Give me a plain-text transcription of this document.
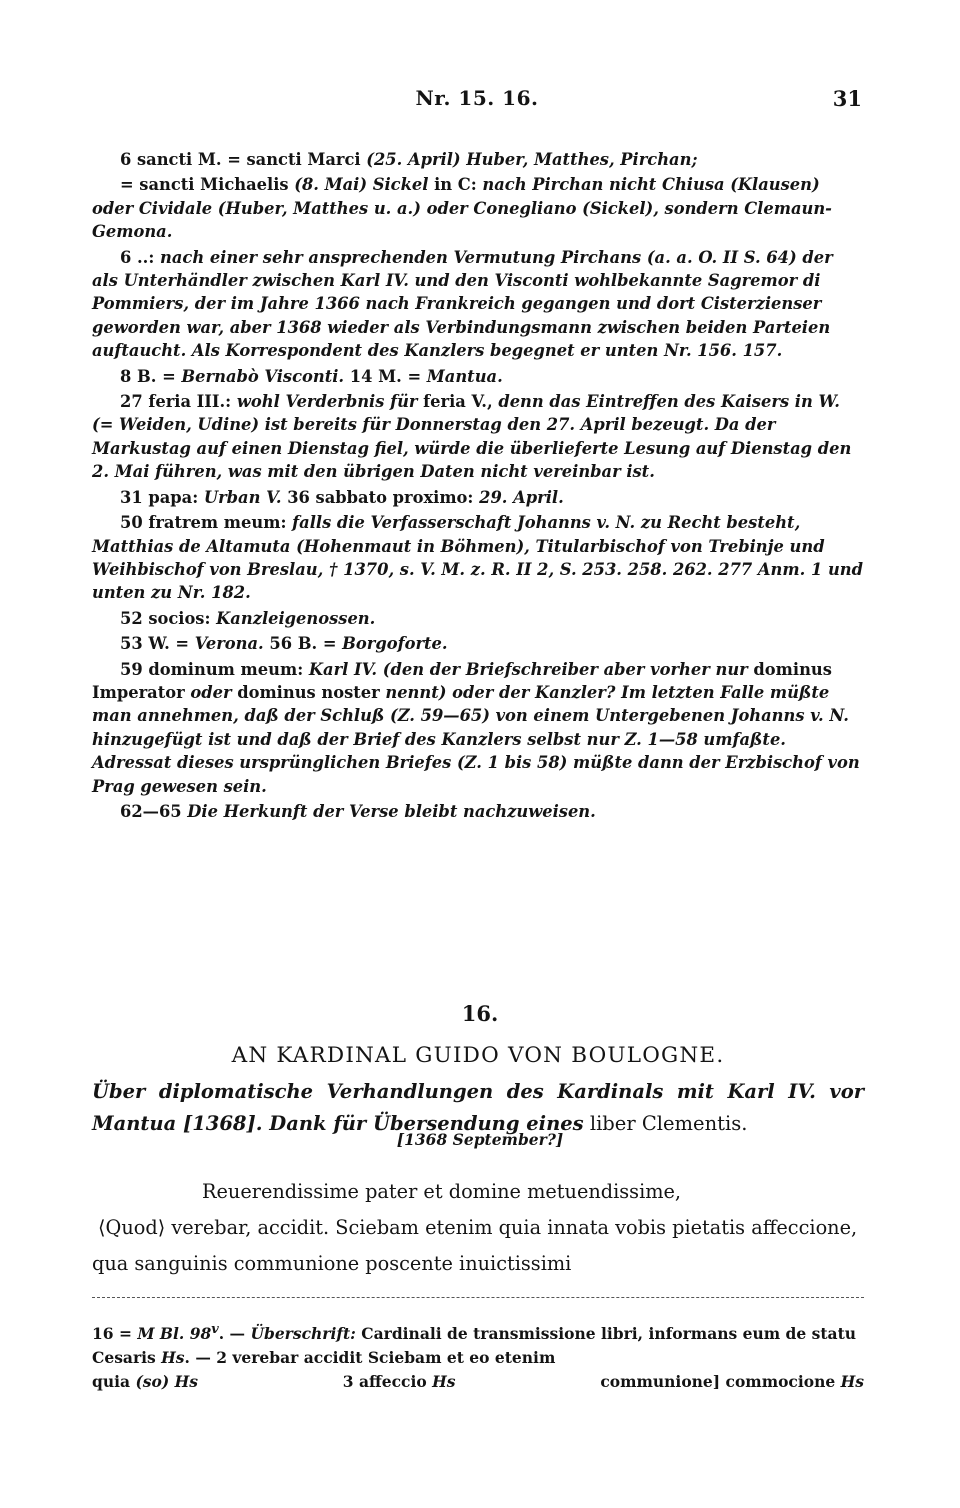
Nr. 15. 16.	31

6 sancti M. = sancti Marci (25. April) Huber, Matthes, Pirchan;

= sancti Michaelis (8. Mai) Sickel in C: nach Pirchan nicht Chiusa (Klausen) oder Cividale (Huber, Matthes u. a.) oder Conegliano (Sickel), sondern Clemaun-Gemona.

6 ..: nach einer sehr ansprechenden Vermutung Pirchans (a. a. O. II S. 64) der als Unterhändler zwischen Karl IV. und den Visconti wohlbekannte Sagremor di Pommiers, der im Jahre 1366 nach Frankreich gegangen und dort Cisterzienser geworden war, aber 1368 wieder als Verbindungsmann zwischen beiden Parteien auftaucht. Als Korrespondent des Kanzlers begegnet er unten Nr. 156. 157.

8 B. = Bernabò Visconti. 14 M. = Mantua.

27 feria III.: wohl Verderbnis für feria V., denn das Eintreffen des Kaisers in W. (= Weiden, Udine) ist bereits für Donnerstag den 27. April bezeugt. Da der Markustag auf einen Dienstag fiel, würde die überlieferte Lesung auf Dienstag den 2. Mai führen, was mit den übrigen Daten nicht vereinbar ist.

31 papa: Urban V. 36 sabbato proximo: 29. April.

50 fratrem meum: falls die Verfasserschaft Johanns v. N. zu Recht besteht, Matthias de Altamuta (Hohenmaut in Böhmen), Titularbischof von Trebinje und Weihbischof von Breslau, † 1370, s. V. M. z. R. II 2, S. 253. 258. 262. 277 Anm. 1 und unten zu Nr. 182.

52 socios: Kanzleigenossen.

53 W. = Verona. 56 B. = Borgoforte.

59 dominum meum: Karl IV. (den der Briefschreiber aber vorher nur dominus Imperator oder dominus noster nennt) oder der Kanzler? Im letzten Falle müßte man annehmen, daß der Schluß (Z. 59—65) von einem Untergebenen Johanns v. N. hinzugefügt ist und daß der Brief des Kanzlers selbst nur Z. 1—58 umfaßte. Adressat dieses ursprünglichen Briefes (Z. 1 bis 58) müßte dann der Erzbischof von Prag gewesen sein.

62—65 Die Herkunft der Verse bleibt nachzuweisen.

16.
AN KARDINAL GUIDO VON BOULOGNE.
Über diplomatische Verhandlungen des Kardinals mit Karl IV. vor Mantua [1368]. Dank für Übersendung eines liber Clementis.
[1368 September?]

Reuerendissime pater et domine metuendissime,

⟨Quod⟩ verebar, accidit. Sciebam etenim quia innata vobis pietatis affeccione, qua sanguinis communione poscente inuictissimi

16 = M Bl. 98$^v$. — Überschrift: Cardinali de transmissione libri, informans eum de statu Cesaris Hs. — 2 verebar accidit Sciebam et eo etenim

quia (so) Hs	3 affeccio Hs	communione] commocione Hs
